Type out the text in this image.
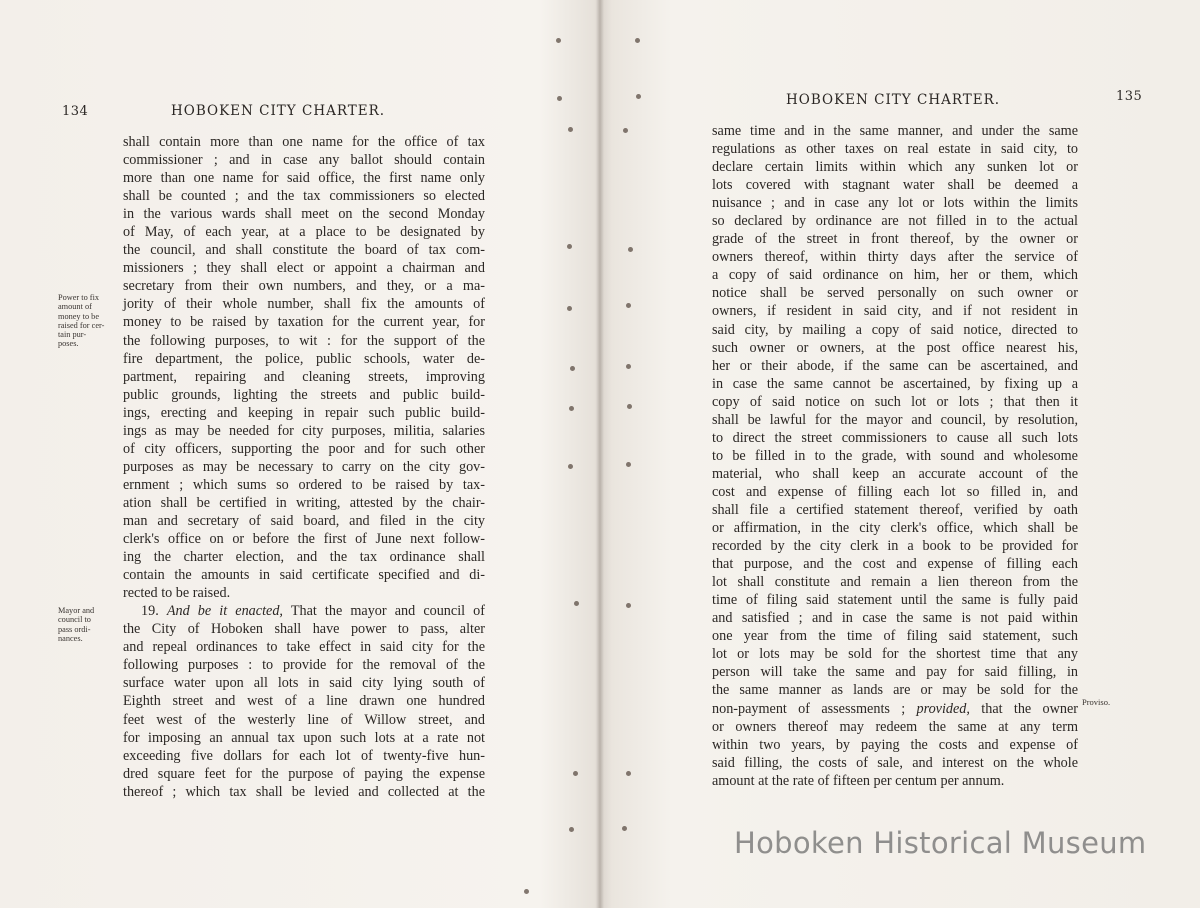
134	HOBOKEN CITY CHARTER.
Power to fix
amount of
money to be
raised for cer-
tain pur-
poses.
Mayor and
council to
pass ordi-
nances.
shall contain more than one name for the office of tax
commissioner ; and in case any ballot should contain
more than one name for said office, the first name only
shall be counted ; and the tax commissioners so elected
in the various wards shall meet on the second Monday
of May, of each year, at a place to be designated by
the council, and shall constitute the board of tax com-
missioners ; they shall elect or appoint a chairman and
secretary from their own numbers, and they, or a ma-
jority of their whole number, shall fix the amounts of
money to be raised by taxation for the current year, for
the following purposes, to wit : for the support of the
fire department, the police, public schools, water de-
partment, repairing and cleaning streets, improving
public grounds, lighting the streets and public build-
ings, erecting and keeping in repair such public build-
ings as may be needed for city purposes, militia, salaries
of city officers, supporting the poor and for such other
purposes as may be necessary to carry on the city gov-
ernment ; which sums so ordered to be raised by tax-
ation shall be certified in writing, attested by the chair-
man and secretary of said board, and filed in the city
clerk's office on or before the first of June next follow-
ing the charter election, and the tax ordinance shall
contain the amounts in said certificate specified and di-
rected to be raised.
19. And be it enacted, That the mayor and council of
the City of Hoboken shall have power to pass, alter
and repeal ordinances to take effect in said city for the
following purposes : to provide for the removal of the
surface water upon all lots in said city lying south of
Eighth street and west of a line drawn one hundred
feet west of the westerly line of Willow street, and
for imposing an annual tax upon such lots at a rate not
exceeding five dollars for each lot of twenty-five hun-
dred square feet for the purpose of paying the expense
thereof ; which tax shall be levied and collected at the
HOBOKEN CITY CHARTER.	135
Proviso.
same time and in the same manner, and under the same
regulations as other taxes on real estate in said city, to
declare certain limits within which any sunken lot or
lots covered with stagnant water shall be deemed a
nuisance ; and in case any lot or lots within the limits
so declared by ordinance are not filled in to the actual
grade of the street in front thereof, by the owner or
owners thereof, within thirty days after the service of
a copy of said ordinance on him, her or them, which
notice shall be served personally on such owner or
owners, if resident in said city, and if not resident in
said city, by mailing a copy of said notice, directed to
such owner or owners, at the post office nearest his,
her or their abode, if the same can be ascertained, and
in case the same cannot be ascertained, by fixing up a
copy of said notice on such lot or lots ; that then it
shall be lawful for the mayor and council, by resolution,
to direct the street commissioners to cause all such lots
to be filled in to the grade, with sound and wholesome
material, who shall keep an accurate account of the
cost and expense of filling each lot so filled in, and
shall file a certified statement thereof, verified by oath
or affirmation, in the city clerk's office, which shall be
recorded by the city clerk in a book to be provided for
that purpose, and the cost and expense of filling each
lot shall constitute and remain a lien thereon from the
time of filing said statement until the same is fully paid
and satisfied ; and in case the same is not paid within
one year from the time of filing said statement, such
lot or lots may be sold for the shortest time that any
person will take the same and pay for said filling, in
the same manner as lands are or may be sold for the
non-payment of assessments ; provided, that the owner
or owners thereof may redeem the same at any term
within two years, by paying the costs and expense of
said filling, the costs of sale, and interest on the whole
amount at the rate of fifteen per centum per annum.
Hoboken Historical Museum
